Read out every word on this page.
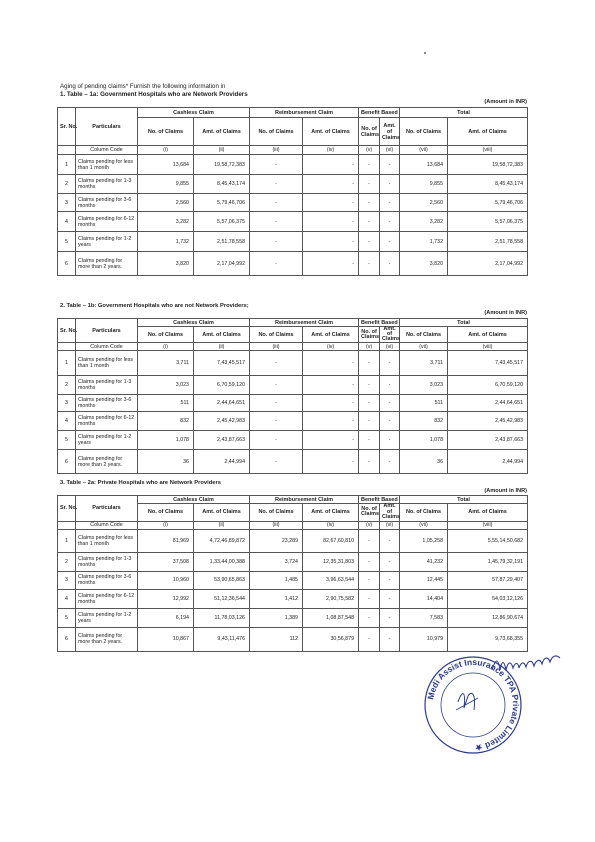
Aging of pending claims* Furnish the following information in
1. Table – 1a: Government Hospitals who are Network Providers
(Amount in INR)
Sr. No.	Particulars	Cashless Claim		Reimbursement Claim		Benefit Based		Total	
		No. of Claims	Amt. of Claims	No. of Claims	Amt. of Claims	No. of Claims	Amt. of Claims	No. of Claims	Amt. of Claims
	Column Code	(i)	(ii)	(iii)	(iv)	(v)	(vi)	(vii)	(viii)
1	Claims pending for less than 1 month	13,684	19,58,72,383	-	-	-	-	13,684	19,58,72,383
2	Claims pending for 1-3 months	9,855	8,45,43,174	-	-	-	-	9,855	8,45,43,174
3	Claims pending for 3-6 months	2,560	5,79,46,706	-	-	-	-	2,560	5,79,46,706
4	Claims pending for 6-12 months	3,282	5,57,06,375	-	-	-	-	3,282	5,57,06,375
5	Claims pending for 1-2 years	1,732	2,51,78,558	-	-	-	-	1,732	2,51,78,558
6	Claims pending for more than 2 years.	3,820	2,17,04,992	-	-	-	-	3,820	2,17,04,992
2. Table – 1b: Government Hospitals who are not Network Providers;
(Amount in INR)
Sr. No.	Particulars	Cashless Claim		Reimbursement Claim		Benefit Based		Total	
		No. of Claims	Amt. of Claims	No. of Claims	Amt. of Claims	No. of Claims	Amt. of Claims	No. of Claims	Amt. of Claims
	Column Code	(i)	(ii)	(iii)	(iv)	(v)	(vi)	(vii)	(viii)
1	Claims pending for less than 1 month	3,711	7,43,45,517	-	-	-	-	3,711	7,43,45,517
2	Claims pending for 1-3 months	3,023	6,70,59,120	-	-	-	-	3,023	6,70,59,120
3	Claims pending for 3-6 months	511	2,44,64,651	-	-	-	-	511	2,44,64,651
4	Claims pending for 6-12 months	832	2,45,42,983	-	-	-	-	832	2,45,42,983
5	Claims pending for 1-2 years	1,078	2,43,87,663	-	-	-	-	1,078	2,43,87,663
6	Claims pending for more than 2 years.	36	2,44,994	-	-	-	-	36	2,44,994
3. Table – 2a: Private Hospitals who are Network Providers
(Amount in INR)
Sr. No.	Particulars	Cashless Claim		Reimbursement Claim		Benefit Based		Total	
		No. of Claims	Amt. of Claims	No. of Claims	Amt. of Claims	No. of Claims	Amt. of Claims	No. of Claims	Amt. of Claims
	Column Code	(i)	(ii)	(iii)	(iv)	(v)	(vi)	(vii)	(viii)
1	Claims pending for less than 1 month	81,969	4,72,46,89,872	23,289	82,67,60,810	-	-	1,05,258	5,55,14,50,682
2	Claims pending for 1-3 months	37,508	1,33,44,00,388	3,724	12,35,31,803	-	-	41,232	1,45,79,32,191
3	Claims pending for 3-6 months	10,960	53,90,65,863	1,485	3,96,63,544	-	-	12,445	57,87,29,407
4	Claims pending for 6-12 months	12,992	51,12,36,544	1,412	2,90,75,582	-	-	14,404	54,03,12,126
5	Claims pending for 1-2 years	6,194	11,78,03,126	1,389	1,08,87,548	-	-	7,583	12,86,90,674
6	Claims pending for more than 2 years.	10,867	9,43,11,476	112	30,56,879	-	-	10,979	9,73,68,355
Medi Assist Insurance TPA Private Limited ★
